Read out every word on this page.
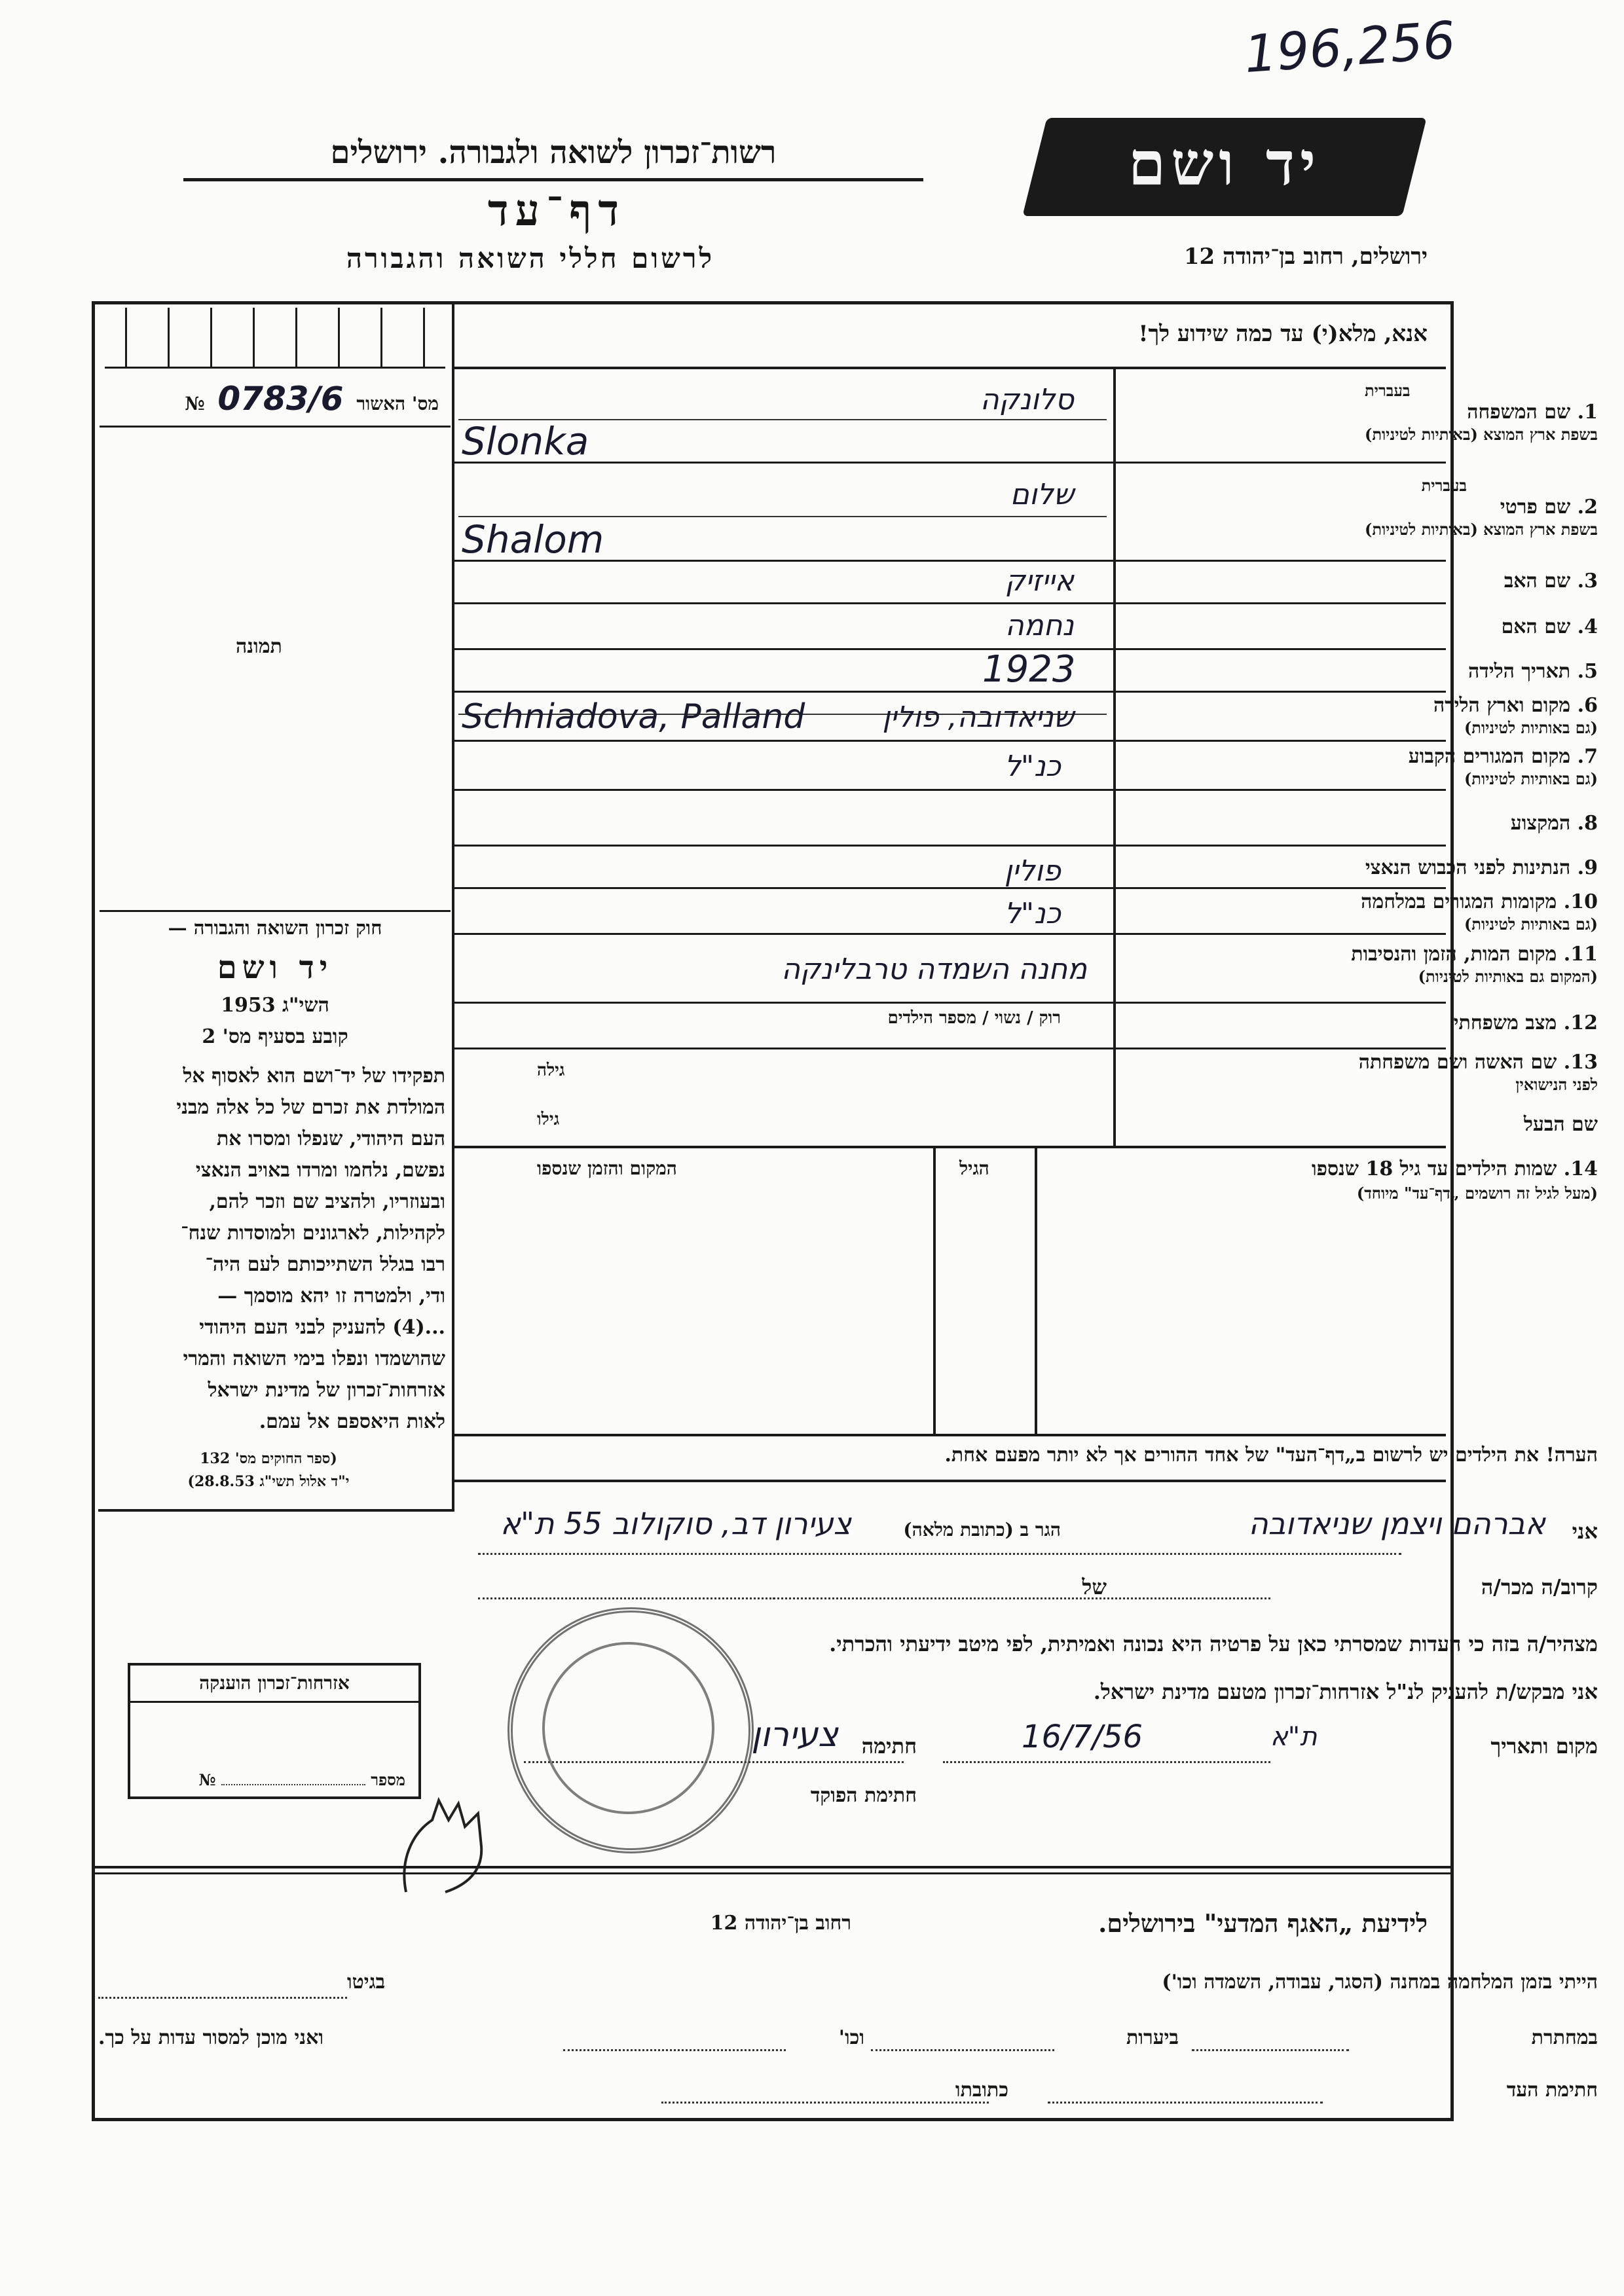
196,256
רשות־זכרון לשואה ולגבורה. ירושלים
דף־עד
לרשום חללי השואה והגבורה
יד ושם
ירושלים, רחוב בן־יהודה 12
מס' האשור 0783/6 №
תמונה
חוק זכרון השואה והגבורה —
יד ושם
השי"ג 1953
קובע בסעיף מס' 2
תפקידו של יד־ושם הוא לאסוף אל
המולדת את זכרם של כל אלה מבני
העם היהודי, שנפלו ומסרו את
נפשם, נלחמו ומרדו באויב הנאצי
ובעוזריו, ולהציב שם וזכר להם,
לקהילות, לארגונים ולמוסדות שנח־
רבו בגלל השתייכותם לעם היה־
ודי, ולמטרה זו יהא מוסמך —
...(4) להעניק לבני העם היהודי
שהושמדו ונפלו בימי השואה והמרי
אזרחות־זכרון של מדינת ישראל
לאות היאספם אל עמם.
(ספר החוקים מס' 132
י"ד אלול תשי"ג 28.8.53)
אנא, מלא(י) עד כמה שידוע לך!
בעברית
1. שם המשפחה
בשפת ארץ המוצא (באותיות לטיניות)
בעברית
2. שם פרטי
בשפת ארץ המוצא (באותיות לטיניות)
3. שם האב
4. שם האם
5. תאריך הלידה
6. מקום וארץ הלידה
(גם באותיות לטיניות)
7. מקום המגורים הקבוע
(גם באותיות לטיניות)
8. המקצוע
9. הנתינות לפני הכבוש הנאצי
10. מקומות המגורים במלחמה
(גם באותיות לטיניות)
11. מקום המות, הזמן והנסיבות
(המקום גם באותיות לטיניות)
12. מצב משפחתי
13. שם האשה ושם משפחתה
לפני הנישואין
שם הבעל
סלונקה
Slonka
שלום
Shalom
אייזיק
נחמה
1923
Schniadova, Palland	שניאדובה, פולין
כנ"ל
פולין
כנ"ל
מחנה השמדה טרבלינקה
רוק / נשוי / מספר הילדים
גילה
גילו
14. שמות הילדים עד גיל 18 שנספו
(מעל לגיל זה רושמים „דף־עד" מיוחד)
הגיל
המקום והזמן שנספו
הערה! את הילדים יש לרשום ב„דף־העד" של אחד ההורים אך לא יותר מפעם אחת.
אני
אברהם ויצמן שניאדובה
הגר ב (כתובת מלאה)
צעירון דב, סוקולוב 55 ת"א
קרוב/ה מכר/ה
של
מצהיר/ה בזה כי העדות שמסרתי כאן על פרטיה היא נכונה ואמיתית, לפי מיטב ידיעתי והכרתי.
אני מבקש/ת להעניק לנ"ל אזרחות־זכרון מטעם מדינת ישראל.
מקום ותאריך
ת"א
16/7/56
חתימה
צעירון
חתימת הפוקד
אזרחות־זכרון הוענקה
מספר  №
לידיעת „האגף המדעי" בירושלים.
רחוב בן־יהודה 12
הייתי בזמן המלחמה במחנה (הסגר, עבודה, השמדה וכו')
בגיטו
במחתרת
ביערות
וכו'
ואני מוכן למסור עדות על כך.
חתימת העד
כתובתו
